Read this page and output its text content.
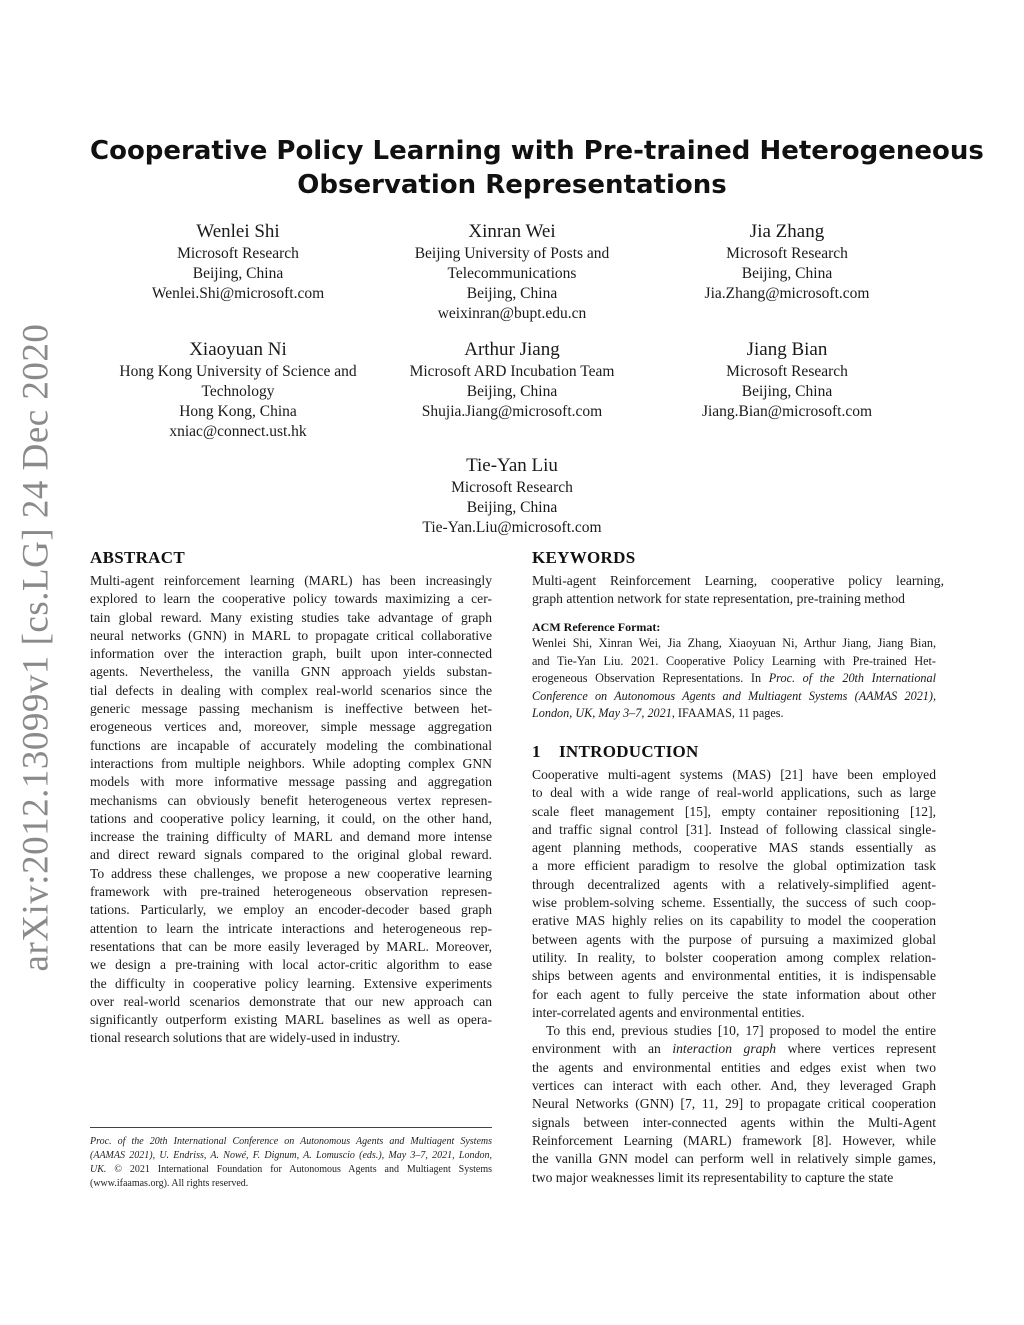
arXiv:2012.13099v1 [cs.LG] 24 Dec 2020
Cooperative Policy Learning with Pre-trained Heterogeneous
Observation Representations
Wenlei Shi
Microsoft Research
Beijing, China
Wenlei.Shi@microsoft.com
Xinran Wei
Beijing University of Posts and
Telecommunications
Beijing, China
weixinran@bupt.edu.cn
Jia Zhang
Microsoft Research
Beijing, China
Jia.Zhang@microsoft.com
Xiaoyuan Ni
Hong Kong University of Science and
Technology
Hong Kong, China
xniac@connect.ust.hk
Arthur Jiang
Microsoft ARD Incubation Team
Beijing, China
Shujia.Jiang@microsoft.com
Jiang Bian
Microsoft Research
Beijing, China
Jiang.Bian@microsoft.com
Tie-Yan Liu
Microsoft Research
Beijing, China
Tie-Yan.Liu@microsoft.com
ABSTRACT
Multi-agent reinforcement learning (MARL) has been increasingly
explored to learn the cooperative policy towards maximizing a cer-
tain global reward. Many existing studies take advantage of graph
neural networks (GNN) in MARL to propagate critical collaborative
information over the interaction graph, built upon inter-connected
agents. Nevertheless, the vanilla GNN approach yields substan-
tial defects in dealing with complex real-world scenarios since the
generic message passing mechanism is ineffective between het-
erogeneous vertices and, moreover, simple message aggregation
functions are incapable of accurately modeling the combinational
interactions from multiple neighbors. While adopting complex GNN
models with more informative message passing and aggregation
mechanisms can obviously benefit heterogeneous vertex represen-
tations and cooperative policy learning, it could, on the other hand,
increase the training difficulty of MARL and demand more intense
and direct reward signals compared to the original global reward.
To address these challenges, we propose a new cooperative learning
framework with pre-trained heterogeneous observation represen-
tations. Particularly, we employ an encoder-decoder based graph
attention to learn the intricate interactions and heterogeneous rep-
resentations that can be more easily leveraged by MARL. Moreover,
we design a pre-training with local actor-critic algorithm to ease
the difficulty in cooperative policy learning. Extensive experiments
over real-world scenarios demonstrate that our new approach can
significantly outperform existing MARL baselines as well as opera-
tional research solutions that are widely-used in industry.
Proc. of the 20th International Conference on Autonomous Agents and Multiagent Systems
(AAMAS 2021), U. Endriss, A. Nowé, F. Dignum, A. Lomuscio (eds.), May 3–7, 2021, London,
UK. © 2021 International Foundation for Autonomous Agents and Multiagent Systems
(www.ifaamas.org). All rights reserved.
KEYWORDS
Multi-agent Reinforcement Learning, cooperative policy learning,
graph attention network for state representation, pre-training method
ACM Reference Format:
Wenlei Shi, Xinran Wei, Jia Zhang, Xiaoyuan Ni, Arthur Jiang, Jiang Bian,
and Tie-Yan Liu. 2021. Cooperative Policy Learning with Pre-trained Het-
erogeneous Observation Representations. In Proc. of the 20th International
Conference on Autonomous Agents and Multiagent Systems (AAMAS 2021),
London, UK, May 3–7, 2021, IFAAMAS, 11 pages.
1    INTRODUCTION
Cooperative multi-agent systems (MAS) [21] have been employed
to deal with a wide range of real-world applications, such as large
scale fleet management [15], empty container repositioning [12],
and traffic signal control [31]. Instead of following classical single-
agent planning methods, cooperative MAS stands essentially as
a more efficient paradigm to resolve the global optimization task
through decentralized agents with a relatively-simplified agent-
wise problem-solving scheme. Essentially, the success of such coop-
erative MAS highly relies on its capability to model the cooperation
between agents with the purpose of pursuing a maximized global
utility. In reality, to bolster cooperation among complex relation-
ships between agents and environmental entities, it is indispensable
for each agent to fully perceive the state information about other
inter-correlated agents and environmental entities.
To this end, previous studies [10, 17] proposed to model the entire
environment with an interaction graph where vertices represent
the agents and environmental entities and edges exist when two
vertices can interact with each other. And, they leveraged Graph
Neural Networks (GNN) [7, 11, 29] to propagate critical cooperation
signals between inter-connected agents within the Multi-Agent
Reinforcement Learning (MARL) framework [8]. However, while
the vanilla GNN model can perform well in relatively simple games,
two major weaknesses limit its representability to capture the state
